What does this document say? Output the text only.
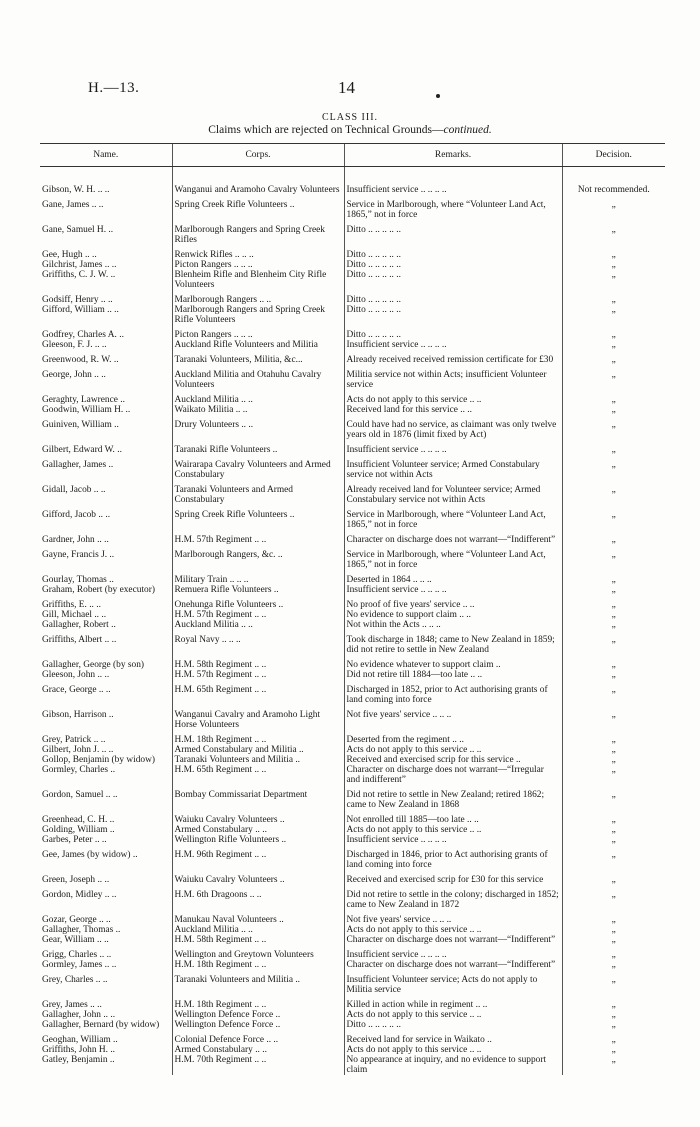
H.—13.	14
CLASS III.
Claims which are rejected on Technical Grounds—continued.
Name.	Corps.	Remarks.	Decision.

Gibson, W. H. .. ..	Wanganui and Aramoho Cavalry Volunteers	Insufficient service .. .. .. ..	Not recommended.
Gane, James .. ..	Spring Creek Rifle Volunteers ..	Service in Marlborough, where “Volunteer Land Act, 1865,” not in force	„
Gane, Samuel H. ..	Marlborough Rangers and Spring Creek Rifles	Ditto .. .. .. .. ..	„
Gee, Hugh .. ..	Renwick Rifles .. .. ..	Ditto .. .. .. .. ..	„
Gilchrist, James .. ..	Picton Rangers .. .. ..	Ditto .. .. .. .. ..	„
Griffiths, C. J. W. ..	Blenheim Rifle and Blenheim City Rifle Volunteers	Ditto .. .. .. .. ..	„
Godsiff, Henry .. ..	Marlborough Rangers .. ..	Ditto .. .. .. .. ..	„
Gifford, William .. ..	Marlborough Rangers and Spring Creek Rifle Volunteers	Ditto .. .. .. .. ..	„
Godfrey, Charles A. ..	Picton Rangers .. .. ..	Ditto .. .. .. .. ..	„
Gleeson, F. J. .. ..	Auckland Rifle Volunteers and Militia	Insufficient service .. .. .. ..	„
Greenwood, R. W. ..	Taranaki Volunteers, Militia, &c...	Already received received remission certificate for £30	„
George, John .. ..	Auckland Militia and Otahuhu Cavalry Volunteers	Militia service not within Acts; insufficient Volunteer service	„
Geraghty, Lawrence ..	Auckland Militia .. ..	Acts do not apply to this service .. ..	„
Goodwin, William H. ..	Waikato Militia .. ..	Received land for this service .. ..	„
Guiniven, William ..	Drury Volunteers .. ..	Could have had no service, as claimant was only twelve years old in 1876 (limit fixed by Act)	„
Gilbert, Edward W. ..	Taranaki Rifle Volunteers ..	Insufficient service .. .. .. ..	„
Gallagher, James ..	Wairarapa Cavalry Volunteers and Armed Constabulary	Insufficient Volunteer service; Armed Constabulary service not within Acts	„
Gidall, Jacob .. ..	Taranaki Volunteers and Armed Constabulary	Already received land for Volunteer service; Armed Constabulary service not within Acts	„
Gifford, Jacob .. ..	Spring Creek Rifle Volunteers ..	Service in Marlborough, where “Volunteer Land Act, 1865,” not in force	„
Gardner, John .. ..	H.M. 57th Regiment .. ..	Character on discharge does not warrant—“Indifferent”	„
Gayne, Francis J. ..	Marlborough Rangers, &c. ..	Service in Marlborough, where “Volunteer Land Act, 1865,” not in force	„
Gourlay, Thomas ..	Military Train .. .. ..	Deserted in 1864 .. .. ..	„
Graham, Robert (by executor)	Remuera Rifle Volunteers ..	Insufficient service .. .. .. ..	„
Griffiths, E. .. ..	Onehunga Rifle Volunteers ..	No proof of five years' service .. ..	„
Gill, Michael .. ..	H.M. 57th Regiment .. ..	No evidence to support claim .. ..	„
Gallagher, Robert ..	Auckland Militia .. ..	Not within the Acts .. .. ..	„
Griffiths, Albert .. ..	Royal Navy .. .. ..	Took discharge in 1848; came to New Zealand in 1859; did not retire to settle in New Zealand	„
Gallagher, George (by son)	H.M. 58th Regiment .. ..	No evidence whatever to support claim ..	„
Gleeson, John .. ..	H.M. 57th Regiment .. ..	Did not retire till 1884—too late .. ..	„
Grace, George .. ..	H.M. 65th Regiment .. ..	Discharged in 1852, prior to Act authorising grants of land coming into force	„
Gibson, Harrison ..	Wanganui Cavalry and Aramoho Light Horse Volunteers	Not five years' service .. .. ..	„
Grey, Patrick .. ..	H.M. 18th Regiment .. ..	Deserted from the regiment .. ..	„
Gilbert, John J. .. ..	Armed Constabulary and Militia ..	Acts do not apply to this service .. ..	„
Gollop, Benjamin (by widow)	Taranaki Volunteers and Militia ..	Received and exercised scrip for this service ..	„
Gormley, Charles ..	H.M. 65th Regiment .. ..	Character on discharge does not warrant—“Irregular and indifferent”	„
Gordon, Samuel .. ..	Bombay Commissariat Department	Did not retire to settle in New Zealand; retired 1862; came to New Zealand in 1868	„
Greenhead, C. H. ..	Waiuku Cavalry Volunteers ..	Not enrolled till 1885—too late .. ..	„
Golding, William ..	Armed Constabulary .. ..	Acts do not apply to this service .. ..	„
Garbes, Peter .. ..	Wellington Rifle Volunteers ..	Insufficient service .. .. .. ..	„
Gee, James (by widow) ..	H.M. 96th Regiment .. ..	Discharged in 1846, prior to Act authorising grants of land coming into force	„
Green, Joseph .. ..	Waiuku Cavalry Volunteers ..	Received and exercised scrip for £30 for this service	„
Gordon, Midley .. ..	H.M. 6th Dragoons .. ..	Did not retire to settle in the colony; discharged in 1852; came to New Zealand in 1872	„
Gozar, George .. ..	Manukau Naval Volunteers ..	Not five years' service .. .. ..	„
Gallagher, Thomas ..	Auckland Militia .. ..	Acts do not apply to this service .. ..	„
Gear, William .. ..	H.M. 58th Regiment .. ..	Character on discharge does not warrant—“Indifferent”	„
Grigg, Charles .. ..	Wellington and Greytown Volunteers	Insufficient service .. .. .. ..	„
Gormley, James .. ..	H.M. 18th Regiment .. ..	Character on discharge does not warrant—“Indifferent”	„
Grey, Charles .. ..	Taranaki Volunteers and Militia ..	Insufficient Volunteer service; Acts do not apply to Militia service	„
Grey, James .. ..	H.M. 18th Regiment .. ..	Killed in action while in regiment .. ..	„
Gallagher, John .. ..	Wellington Defence Force ..	Acts do not apply to this service .. ..	„
Gallagher, Bernard (by widow)	Wellington Defence Force ..	Ditto .. .. .. .. ..	„
Geoghan, William ..	Colonial Defence Force .. ..	Received land for service in Waikato ..	„
Griffiths, John H. ..	Armed Constabulary .. ..	Acts do not apply to this service .. ..	„
Gatley, Benjamin ..	H.M. 70th Regiment .. ..	No appearance at inquiry, and no evidence to support claim	„
